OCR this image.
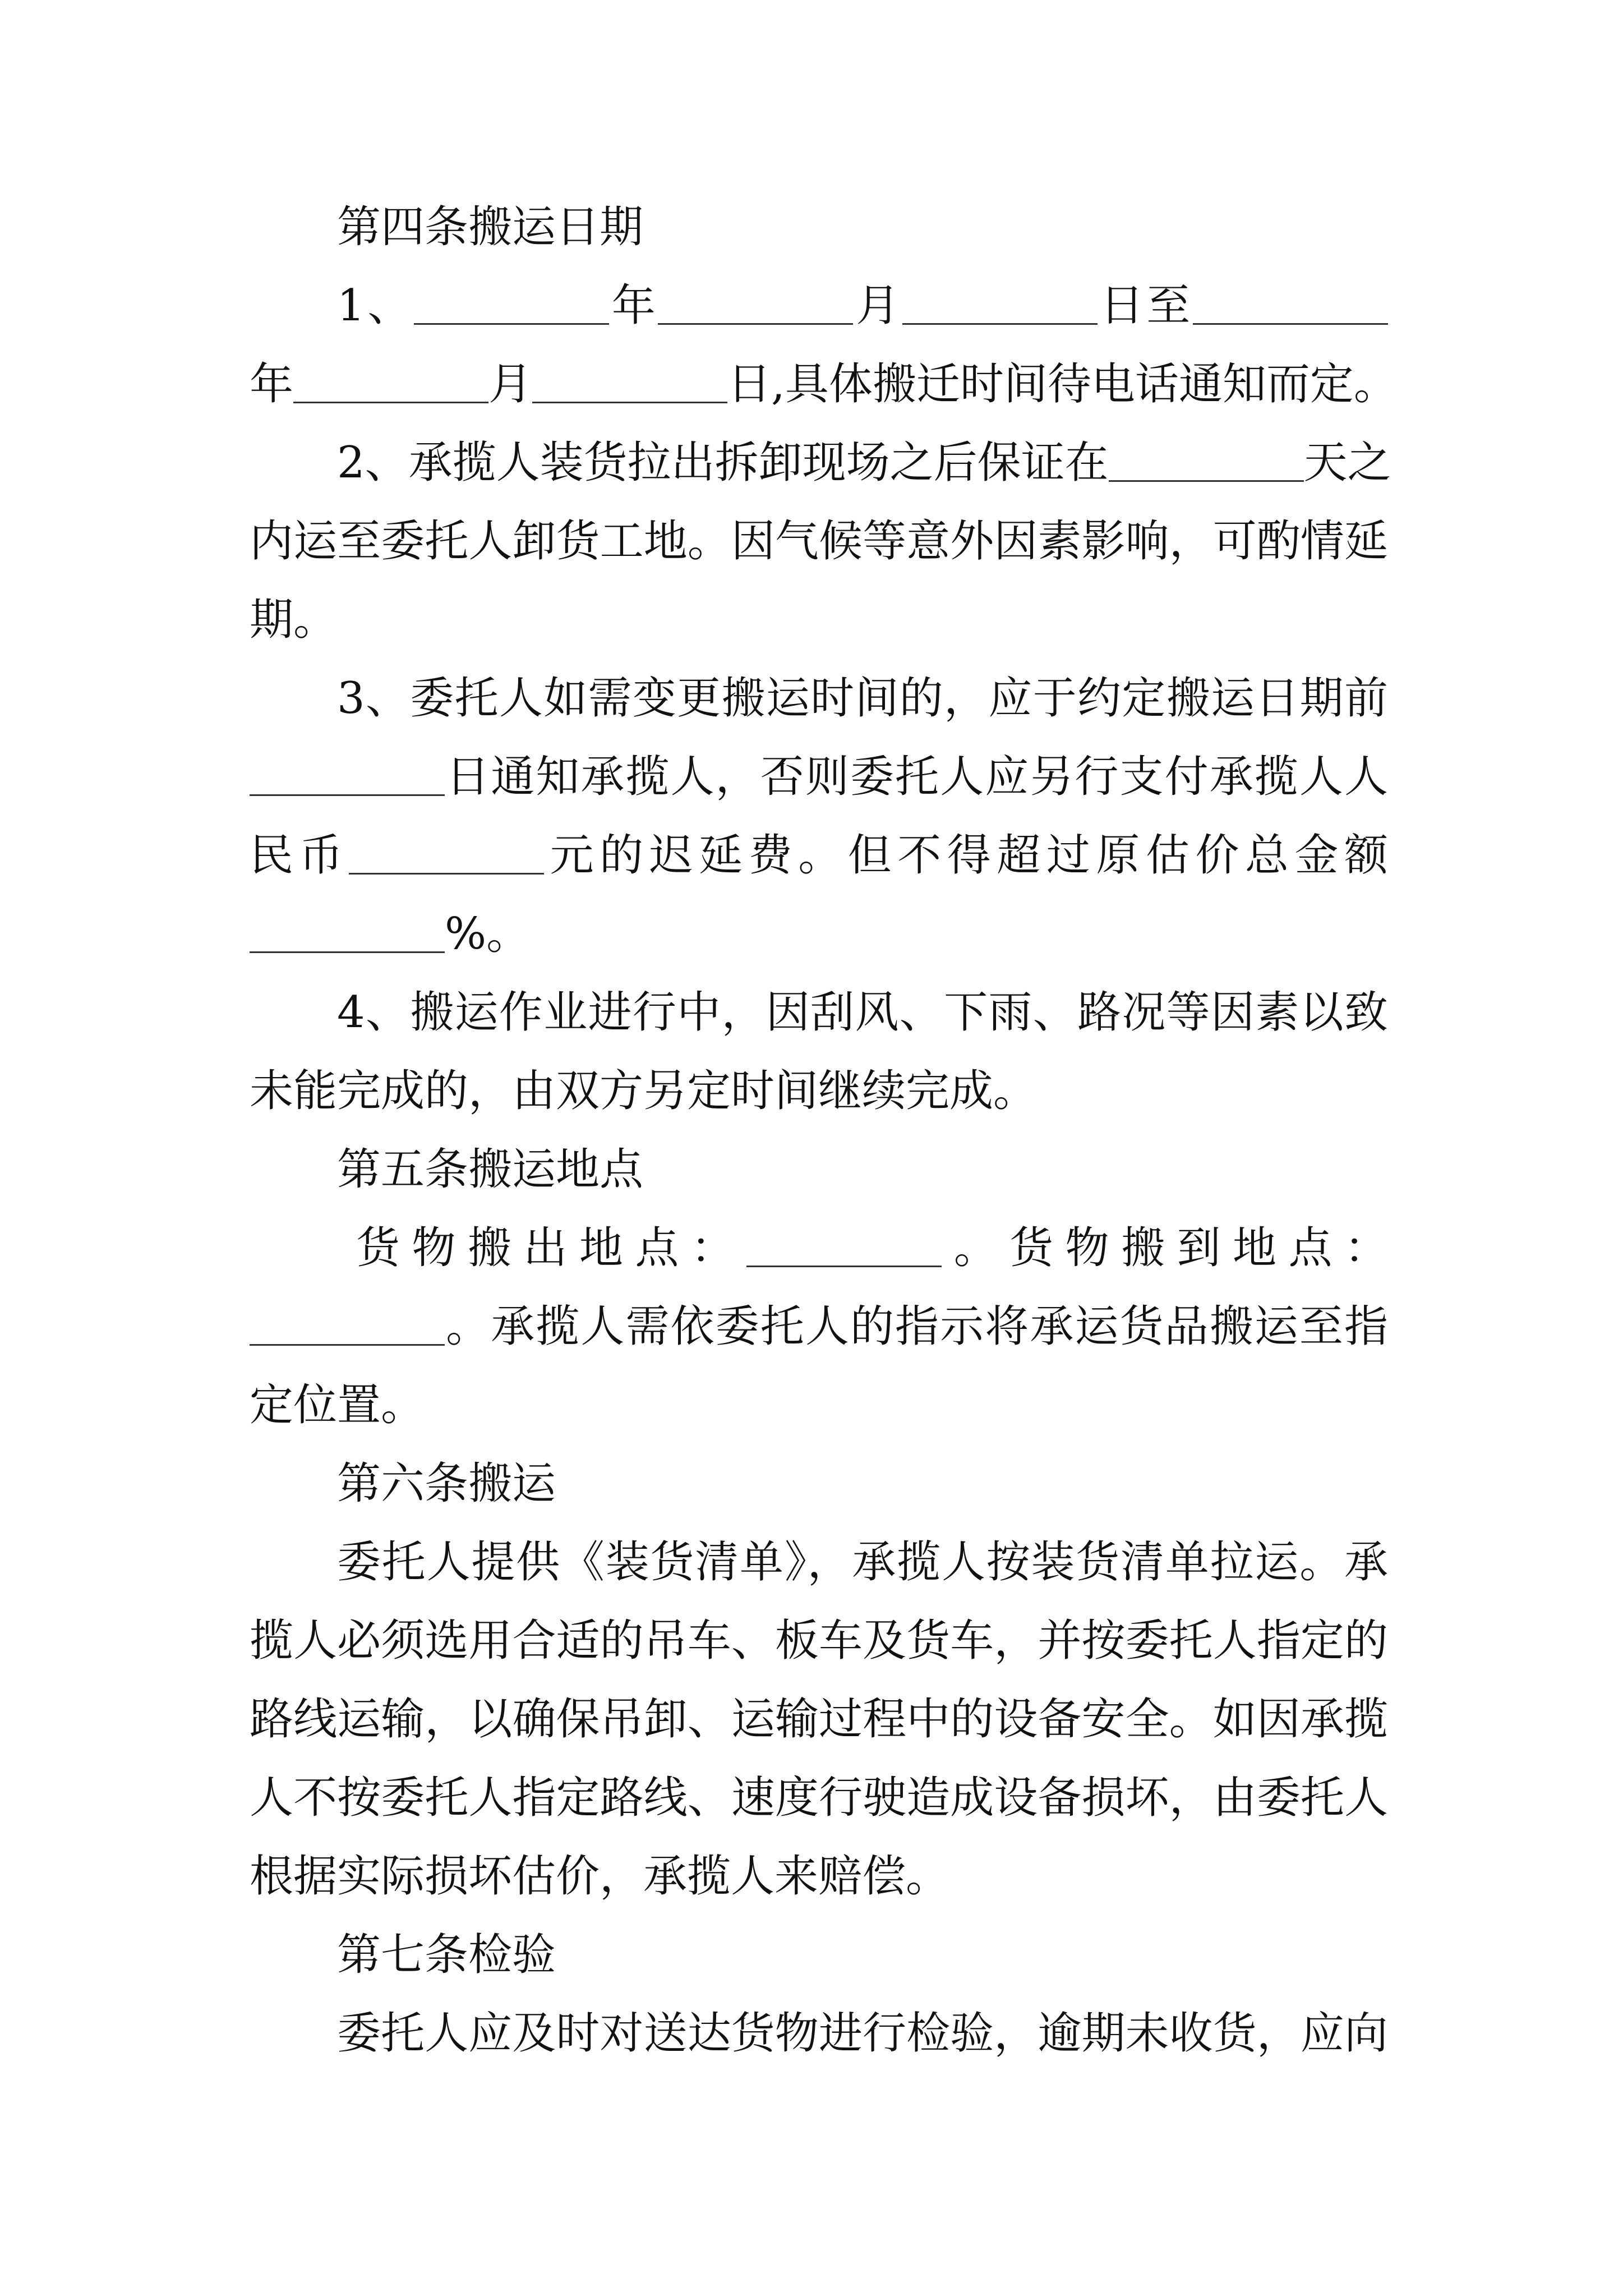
第四条搬运日期
1、	年	月	日至
年	月	日,具体搬迁时间待电话通知而定。
2、承揽人装货拉出拆卸现场之后保证在	天之
内运至委托人卸货工地。因气候等意外因素影响，可酌情延
期。
3、委托人如需变更搬运时间的，应于约定搬运日期前
日通知承揽人，否则委托人应另行支付承揽人人
民币	元的迟延费。但不得超过原估价总金额
%。
4、搬运作业进行中，因刮风、下雨、路况等因素以致
未能完成的，由双方另定时间继续完成。
第五条搬运地点
货物搬出地点：	。货物搬到地点：
。承揽人需依委托人的指示将承运货品搬运至指
定位置。
第六条搬运
委托人提供《装货清单》，承揽人按装货清单拉运。承
揽人必须选用合适的吊车、板车及货车，并按委托人指定的
路线运输，以确保吊卸、运输过程中的设备安全。如因承揽
人不按委托人指定路线、速度行驶造成设备损坏，由委托人
根据实际损坏估价，承揽人来赔偿。
第七条检验
委托人应及时对送达货物进行检验，逾期未收货，应向
